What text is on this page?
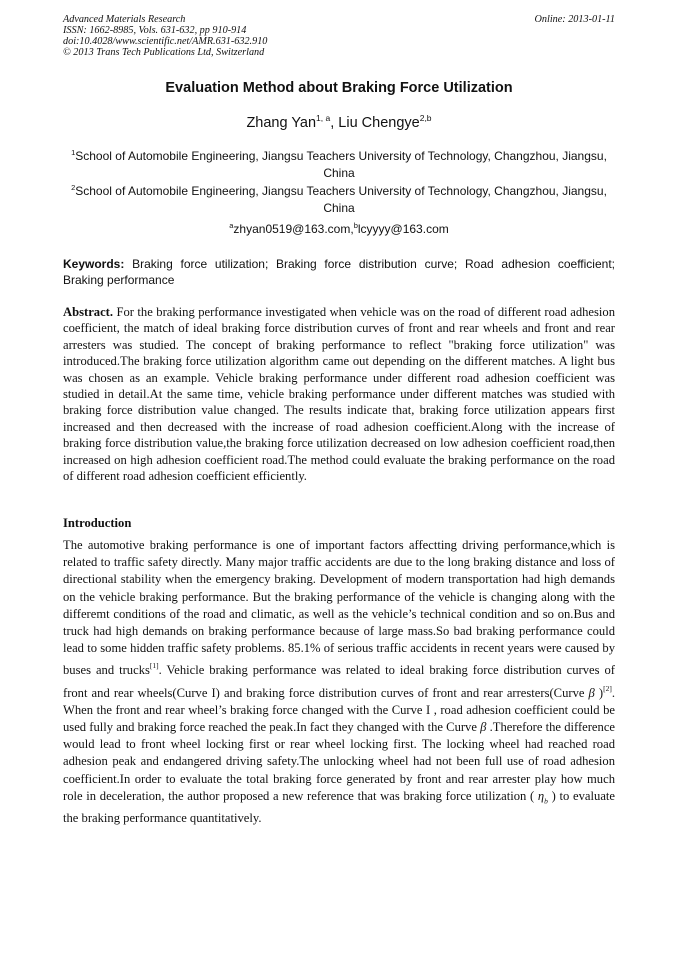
Advanced Materials Research
ISSN: 1662-8985, Vols. 631-632, pp 910-914
doi:10.4028/www.scientific.net/AMR.631-632.910
© 2013 Trans Tech Publications Ltd, Switzerland
Online: 2013-01-11
Evaluation Method about Braking Force Utilization
Zhang Yan$^{1, a}$, Liu Chengye$^{2,b}$
$^1$School of Automobile Engineering, Jiangsu Teachers University of Technology, Changzhou, Jiangsu, China
$^2$School of Automobile Engineering, Jiangsu Teachers University of Technology, Changzhou, Jiangsu, China
$^a$zhyan0519@163.com,$^b$lcyyyy@163.com
Keywords: Braking force utilization; Braking force distribution curve; Road adhesion coefficient; Braking performance
Abstract. For the braking performance investigated when vehicle was on the road of different road adhesion coefficient, the match of ideal braking force distribution curves of front and rear wheels and front and rear arresters was studied. The concept of braking performance to reflect "braking force utilization" was introduced.The braking force utilization algorithm came out depending on the different matches. A light bus was chosen as an example. Vehicle braking performance under different road adhesion coefficient was studied in detail.At the same time, vehicle braking performance under different matches was studied with braking force distribution value changed. The results indicate that, braking force utilization appears first increased and then decreased with the increase of road adhesion coefficient.Along with the increase of braking force distribution value,the braking force utilization decreased on low adhesion coefficient road,then increased on high adhesion coefficient road.The method could evaluate the braking performance on the road of different road adhesion coefficient efficiently.
Introduction
The automotive braking performance is one of important factors affectting driving performance,which is related to traffic safety directly. Many major traffic accidents are due to the long braking distance and loss of directional stability when the emergency braking. Development of modern transportation had high demands on the vehicle braking performance. But the braking performance of the vehicle is changing along with the differemt conditions of the road and climatic, as well as the vehicle’s technical condition and so on.Bus and truck had high demands on braking performance because of large mass.So bad braking performance could lead to some hidden traffic safety problems. 85.1% of serious traffic accidents in recent years were caused by buses and trucks[1]. Vehicle braking performance was related to ideal braking force distribution curves of front and rear wheels(Curve I) and braking force distribution curves of front and rear arresters(Curve β )[2]. When the front and rear wheel’s braking force changed with the Curve I , road adhesion coefficient could be used fully and braking force reached the peak.In fact they changed with the Curve β .Therefore the difference would lead to front wheel locking first or rear wheel locking first. The locking wheel had reached road adhesion peak and endangered driving safety.The unlocking wheel had not been full use of road adhesion coefficient.In order to evaluate the total braking force generated by front and rear arrester play how much role in deceleration, the author proposed a new reference that was braking force utilization ( $\eta_b$ ) to evaluate the braking performance quantitatively.
